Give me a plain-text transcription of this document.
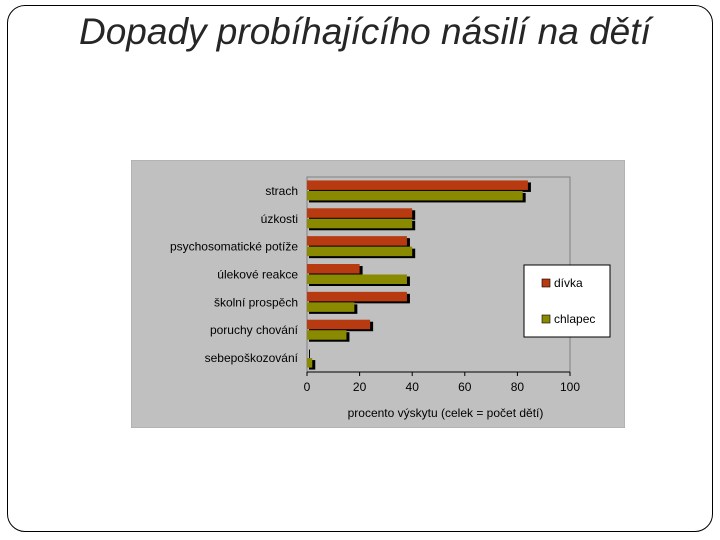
Dopady probíhajícího násilí na dětí
strach
úzkosti
psychosomatické potíže
úlekové reakce
školní prospěch
poruchy chování
sebepoškozování
0	20	40	60	80	100
procento výskytu (celek = počet dětí)
dívka
chlapec
